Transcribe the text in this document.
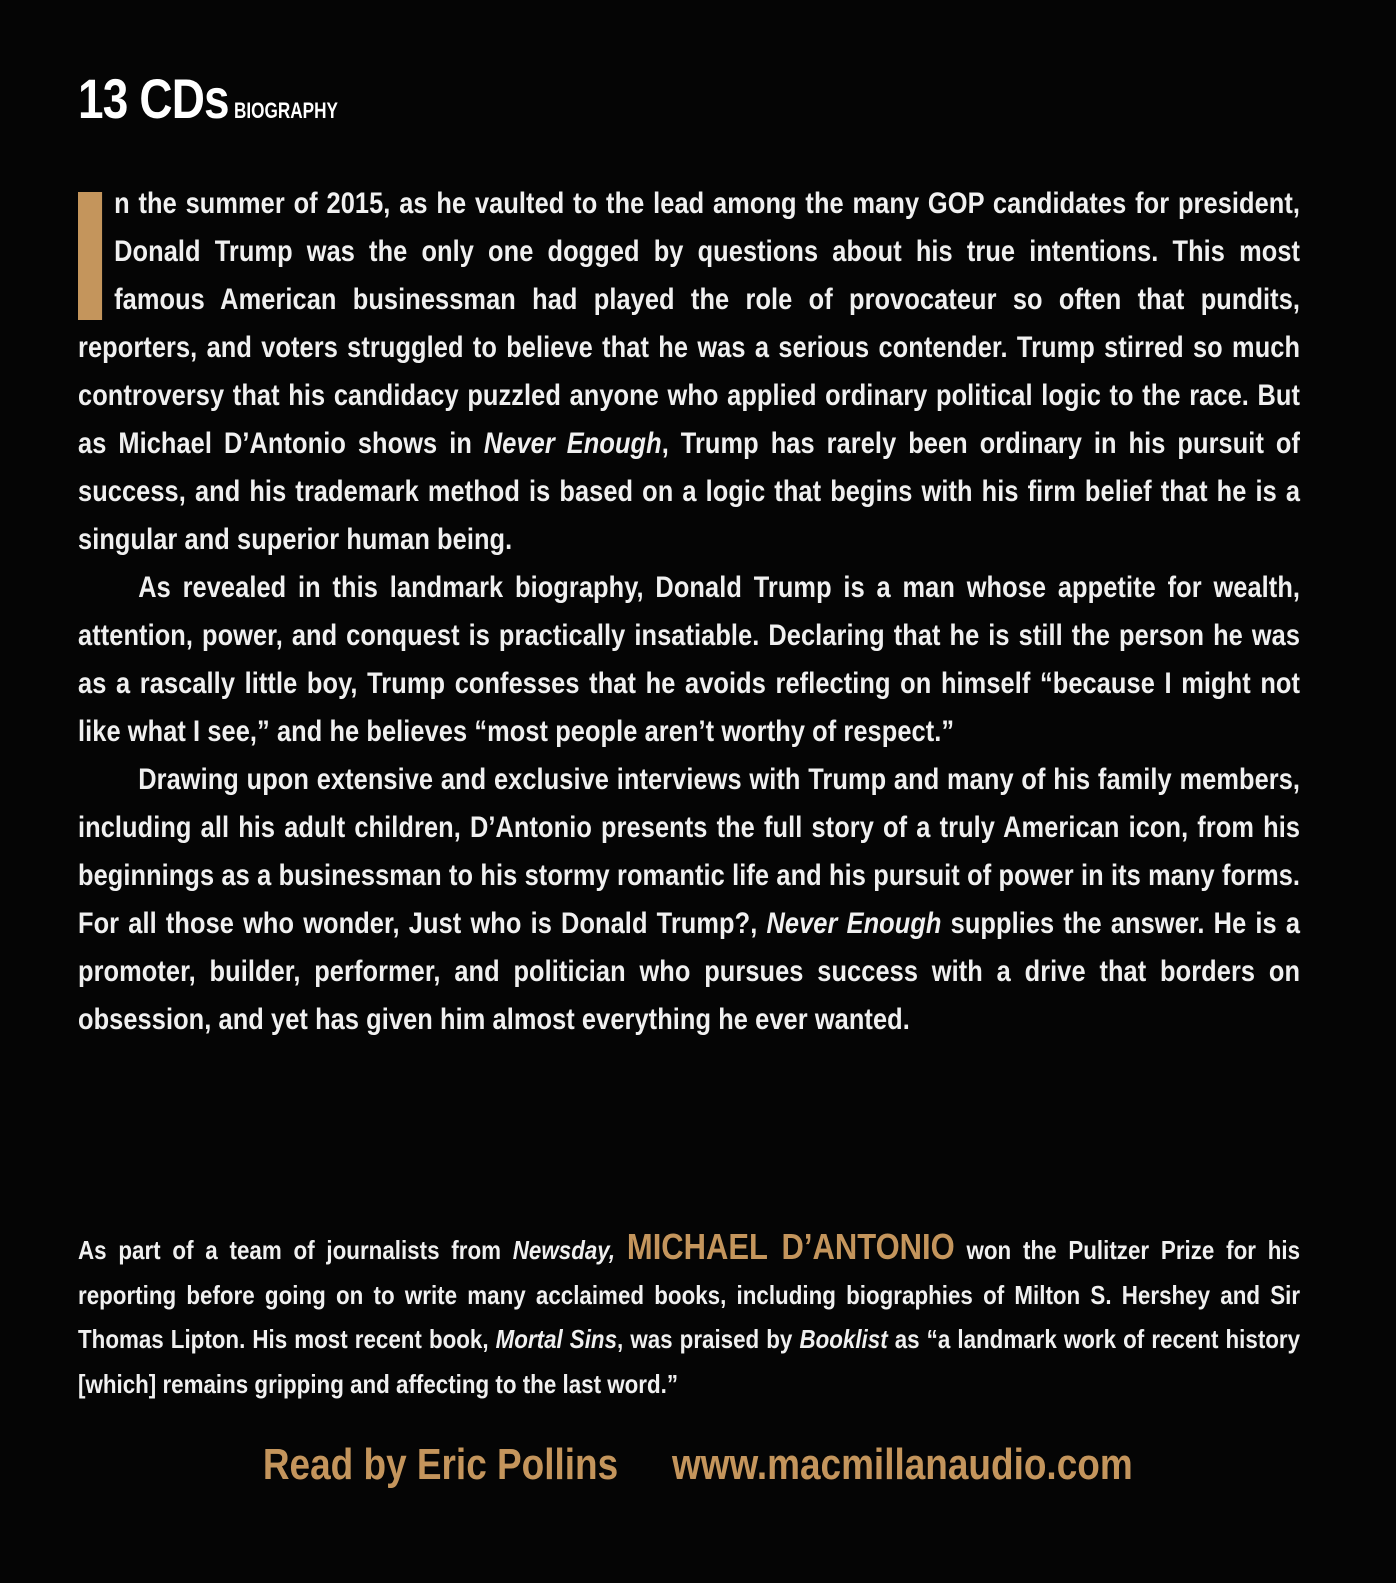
13 CDs BIOGRAPHY

n the summer of 2015, as he vaulted to the lead among the many GOP candidates for president, Donald Trump was the only one dogged by questions about his true intentions. This most famous American businessman had played the role of provocateur so often that pundits, reporters, and voters struggled to believe that he was a serious contender. Trump stirred so much controversy that his candidacy puzzled anyone who applied ordinary political logic to the race. But as Michael D’Antonio shows in Never Enough, Trump has rarely been ordinary in his pursuit of success, and his trademark method is based on a logic that begins with his firm belief that he is a singular and superior human being.

As revealed in this landmark biography, Donald Trump is a man whose appetite for wealth, attention, power, and conquest is practically insatiable. Declaring that he is still the person he was as a rascally little boy, Trump confesses that he avoids reflecting on himself “because I might not like what I see,” and he believes “most people aren’t worthy of respect.”

Drawing upon extensive and exclusive interviews with Trump and many of his family members, including all his adult children, D’Antonio presents the full story of a truly American icon, from his beginnings as a businessman to his stormy romantic life and his pursuit of power in its many forms. For all those who wonder, Just who is Donald Trump?, Never Enough supplies the answer. He is a promoter, builder, performer, and politician who pursues success with a drive that borders on obsession, and yet has given him almost everything he ever wanted.

As part of a team of journalists from Newsday, MICHAEL D’ANTONIO won the Pulitzer Prize for his reporting before going on to write many acclaimed books, including biographies of Milton S. Hershey and Sir Thomas Lipton. His most recent book, Mortal Sins, was praised by Booklist as “a landmark work of recent history [which] remains gripping and affecting to the last word.”
Read by Eric Pollins www.macmillanaudio.com
